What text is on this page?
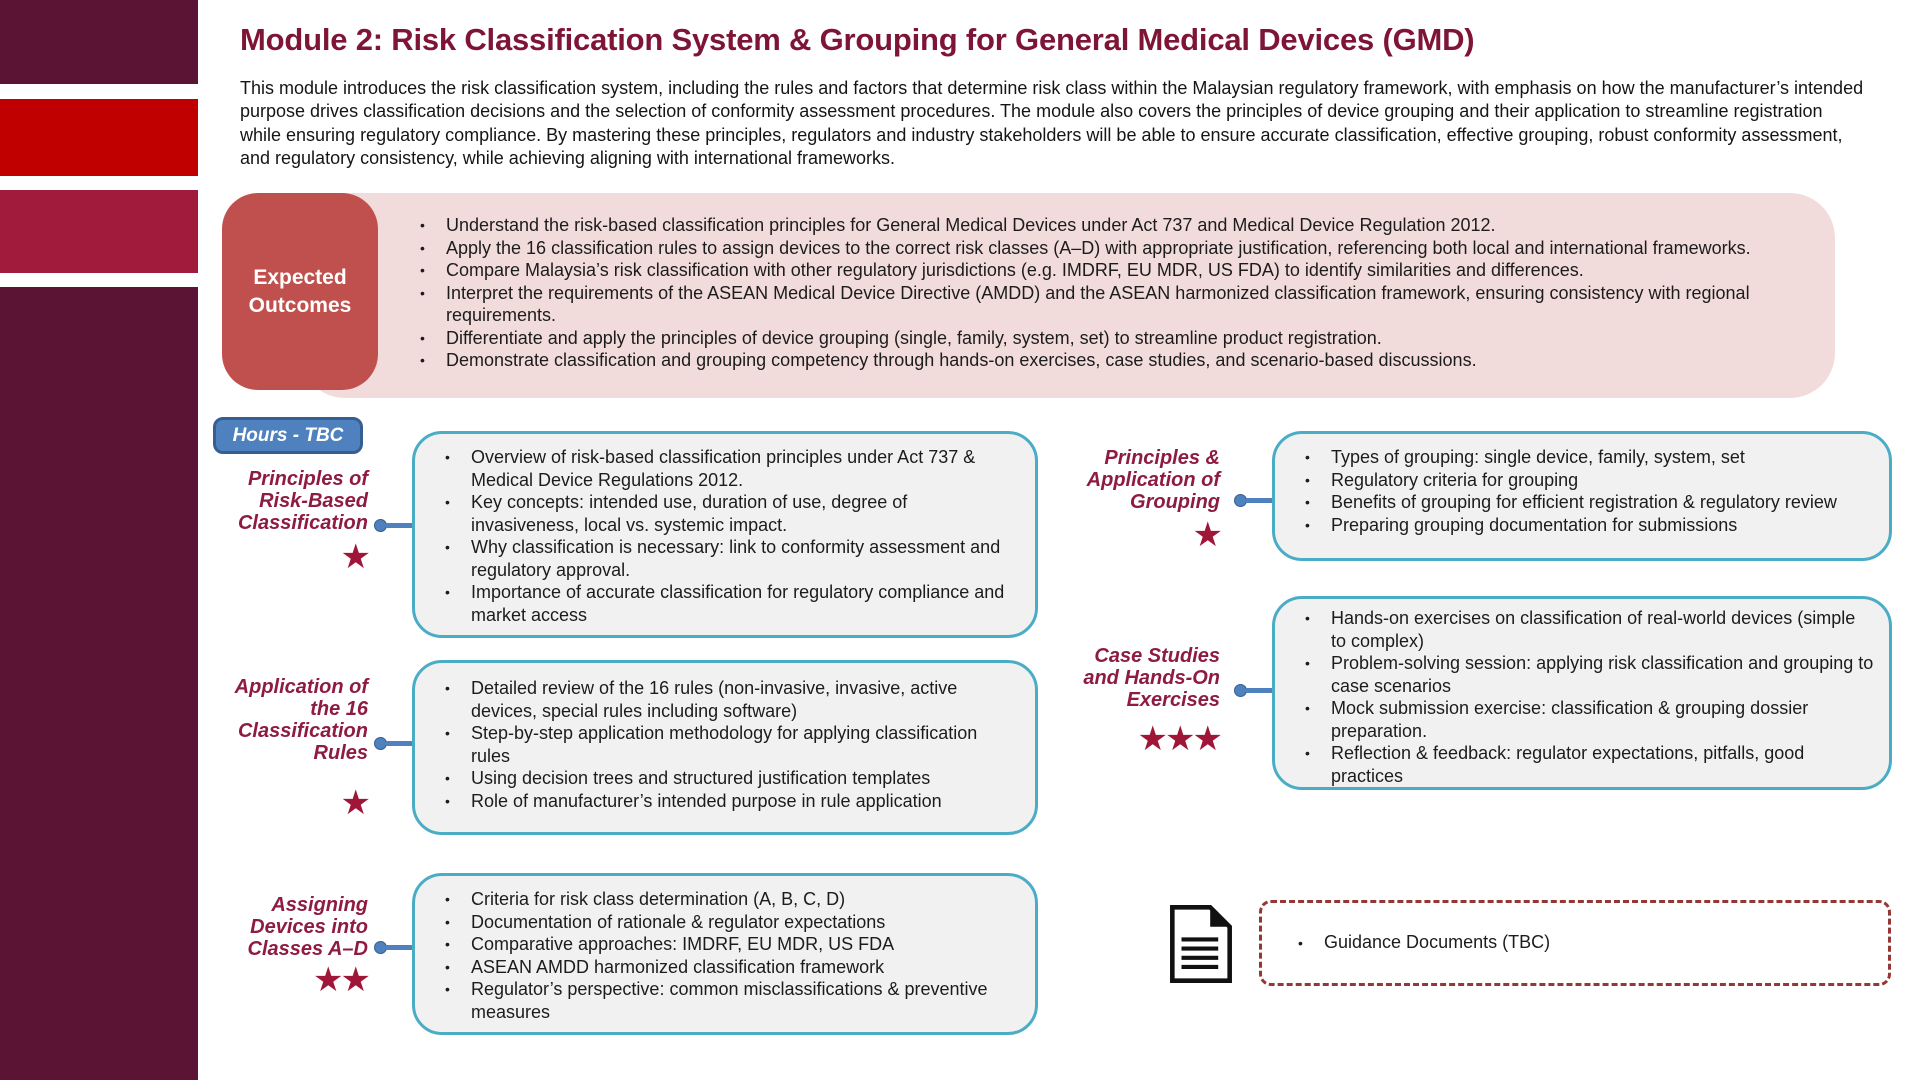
Module 2: Risk Classification System & Grouping for General Medical Devices (GMD)
This module introduces the risk classification system, including the rules and factors that determine risk class within the Malaysian regulatory framework, with emphasis on how the manufacturer’s intended purpose drives classification decisions and the selection of conformity assessment procedures. The module also covers the principles of device grouping and their application to streamline registration while ensuring regulatory compliance. By mastering these principles, regulators and industry stakeholders will be able to ensure accurate classification, effective grouping, robust conformity assessment, and regulatory consistency, while achieving aligning with international frameworks.
• Understand the risk-based classification principles for General Medical Devices under Act 737 and Medical Device Regulation 2012.
• Apply the 16 classification rules to assign devices to the correct risk classes (A–D) with appropriate justification, referencing both local and international frameworks.
• Compare Malaysia’s risk classification with other regulatory jurisdictions (e.g. IMDRF, EU MDR, US FDA) to identify similarities and differences.
• Interpret the requirements of the ASEAN Medical Device Directive (AMDD) and the ASEAN harmonized classification framework, ensuring consistency with regional requirements.
• Differentiate and apply the principles of device grouping (single, family, system, set) to streamline product registration.
• Demonstrate classification and grouping competency through hands-on exercises, case studies, and scenario-based discussions.
Expected Outcomes
Hours - TBC
Principles of Risk-Based Classification
★
• Overview of risk-based classification principles under Act 737 & Medical Device Regulations 2012.
• Key concepts: intended use, duration of use, degree of invasiveness, local vs. systemic impact.
• Why classification is necessary: link to conformity assessment and regulatory approval.
• Importance of accurate classification for regulatory compliance and market access
Application of the 16 Classification Rules
★
• Detailed review of the 16 rules (non-invasive, invasive, active devices, special rules including software)
• Step-by-step application methodology for applying classification rules
• Using decision trees and structured justification templates
• Role of manufacturer’s intended purpose in rule application
Assigning Devices into Classes A–D
★★
• Criteria for risk class determination (A, B, C, D)
• Documentation of rationale & regulator expectations
• Comparative approaches: IMDRF, EU MDR, US FDA
• ASEAN AMDD harmonized classification framework
• Regulator’s perspective: common misclassifications & preventive measures
Principles & Application of Grouping
★
• Types of grouping: single device, family, system, set
• Regulatory criteria for grouping
• Benefits of grouping for efficient registration & regulatory review
• Preparing grouping documentation for submissions
Case Studies and Hands-On Exercises
★★★
• Hands-on exercises on classification of real-world devices (simple to complex)
• Problem-solving session: applying risk classification and grouping to case scenarios
• Mock submission exercise: classification & grouping dossier preparation.
• Reflection & feedback: regulator expectations, pitfalls, good practices
• Guidance Documents (TBC)
